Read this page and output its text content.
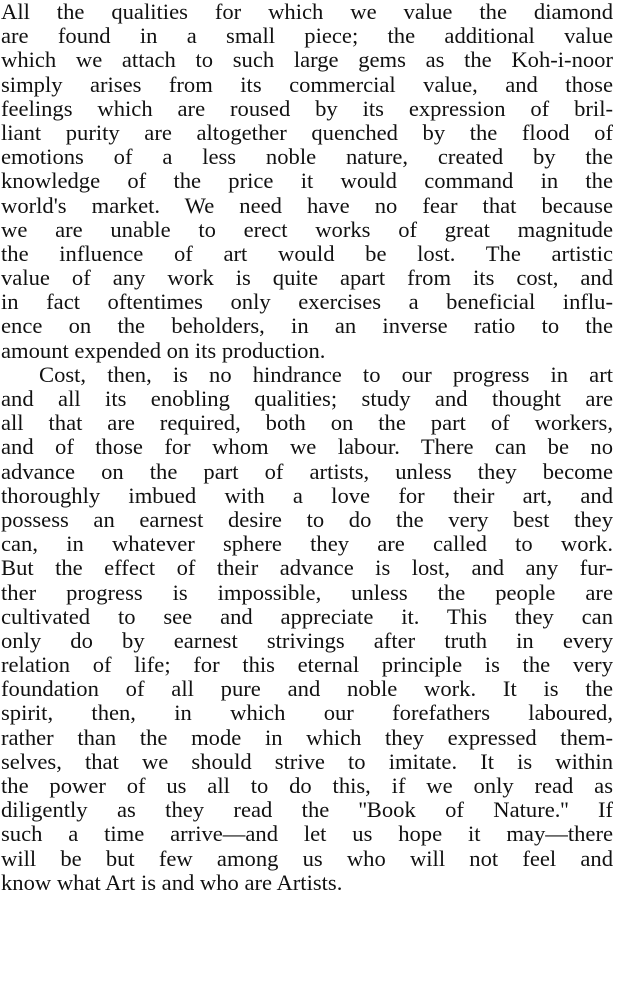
All the qualities for which we value the diamond
are found in a small piece; the additional value
which we attach to such large gems as the Koh-i-noor
simply arises from its commercial value, and those
feelings which are roused by its expression of bril-
liant purity are altogether quenched by the flood of
emotions of a less noble nature, created by the
knowledge of the price it would command in the
world's market. We need have no fear that because
we are unable to erect works of great magnitude
the influence of art would be lost. The artistic
value of any work is quite apart from its cost, and
in fact oftentimes only exercises a beneficial influ-
ence on the beholders, in an inverse ratio to the
amount expended on its production.

Cost, then, is no hindrance to our progress in art
and all its enobling qualities; study and thought are
all that are required, both on the part of workers,
and of those for whom we labour. There can be no
advance on the part of artists, unless they become
thoroughly imbued with a love for their art, and
possess an earnest desire to do the very best they
can, in whatever sphere they are called to work.
But the effect of their advance is lost, and any fur-
ther progress is impossible, unless the people are
cultivated to see and appreciate it. This they can
only do by earnest strivings after truth in every
relation of life; for this eternal principle is the very
foundation of all pure and noble work. It is the
spirit, then, in which our forefathers laboured,
rather than the mode in which they expressed them-
selves, that we should strive to imitate. It is within
the power of us all to do this, if we only read as
diligently as they read the ''Book of Nature.'' If
such a time arrive—and let us hope it may—there
will be but few among us who will not feel and
know what Art is and who are Artists.
